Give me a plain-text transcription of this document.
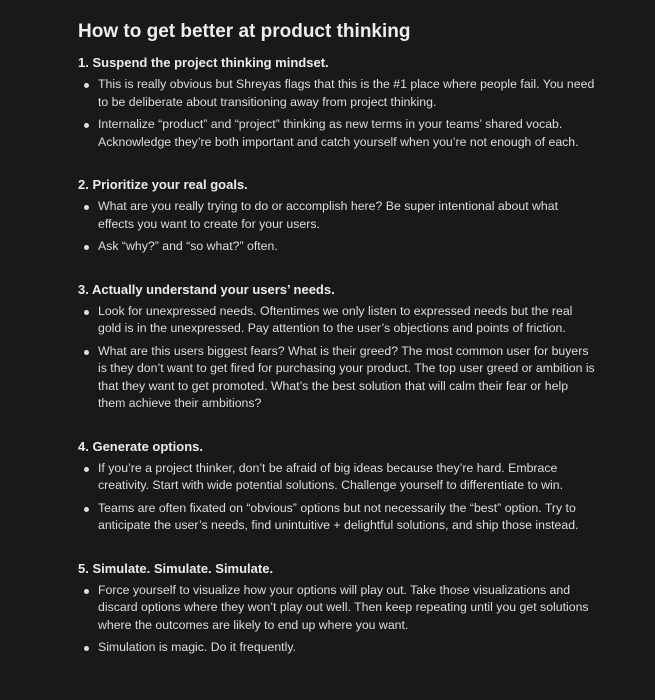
How to get better at product thinking
1. Suspend the project thinking mindset.
This is really obvious but Shreyas flags that this is the #1 place where people fail. You need to be deliberate about transitioning away from project thinking.
Internalize “product” and “project” thinking as new terms in your teams’ shared vocab. Acknowledge they’re both important and catch yourself when you’re not enough of each.
2. Prioritize your real goals.
What are you really trying to do or accomplish here? Be super intentional about what effects you want to create for your users.
Ask “why?” and “so what?” often.
3. Actually understand your users’ needs.
Look for unexpressed needs. Oftentimes we only listen to expressed needs but the real gold is in the unexpressed. Pay attention to the user’s objections and points of friction.
What are this users biggest fears? What is their greed? The most common user for buyers is they don’t want to get fired for purchasing your product. The top user greed or ambition is that they want to get promoted. What’s the best solution that will calm their fear or help them achieve their ambitions?
4. Generate options.
If you’re a project thinker, don’t be afraid of big ideas because they’re hard. Embrace creativity. Start with wide potential solutions. Challenge yourself to differentiate to win.
Teams are often fixated on “obvious” options but not necessarily the “best” option. Try to anticipate the user’s needs, find unintuitive + delightful solutions, and ship those instead.
5. Simulate. Simulate. Simulate.
Force yourself to visualize how your options will play out. Take those visualizations and discard options where they won’t play out well. Then keep repeating until you get solutions where the outcomes are likely to end up where you want.
Simulation is magic. Do it frequently.
